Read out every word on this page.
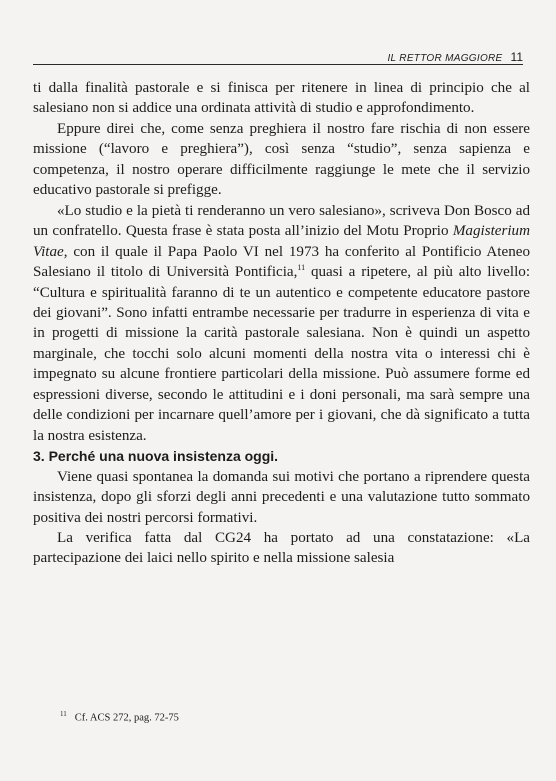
IL RETTOR MAGGIORE 11

ti dalla finalità pastorale e si finisca per ritenere in linea di principio che al salesiano non si addice una ordinata attività di studio e approfondimento.

Eppure direi che, come senza preghiera il nostro fare rischia di non essere missione (“lavoro e preghiera”), così senza “studio”, senza sapienza e competenza, il nostro operare difficilmente raggiunge le mete che il servizio educativo pastorale si prefigge.

«Lo studio e la pietà ti renderanno un vero salesiano», scriveva Don Bosco ad un confratello. Questa frase è stata posta all’inizio del Motu Proprio Magisterium Vitae, con il quale il Papa Paolo VI nel 1973 ha conferito al Pontificio Ateneo Salesiano il titolo di Università Pontificia,$^{11}$ quasi a ripetere, al più alto livello: “Cultura e spiritualità faranno di te un autentico e competente educatore pastore dei giovani”. Sono infatti entrambe necessarie per tradurre in esperienza di vita e in progetti di missione la carità pastorale salesiana. Non è quindi un aspetto marginale, che tocchi solo alcuni momenti della nostra vita o interessi chi è impegnato su alcune frontiere particolari della missione. Può assumere forme ed espressioni diverse, secondo le attitudini e i doni personali, ma sarà sempre una delle condizioni per incarnare quell’amore per i giovani, che dà significato a tutta la nostra esistenza.

3. Perché una nuova insistenza oggi.

Viene quasi spontanea la domanda sui motivi che portano a riprendere questa insistenza, dopo gli sforzi degli anni precedenti e una valutazione tutto sommato positiva dei nostri percorsi formativi.

La verifica fatta dal CG24 ha portato ad una constatazione: «La partecipazione dei laici nello spirito e nella missione salesia

$^{11}$ Cf. ACS 272, pag. 72-75
